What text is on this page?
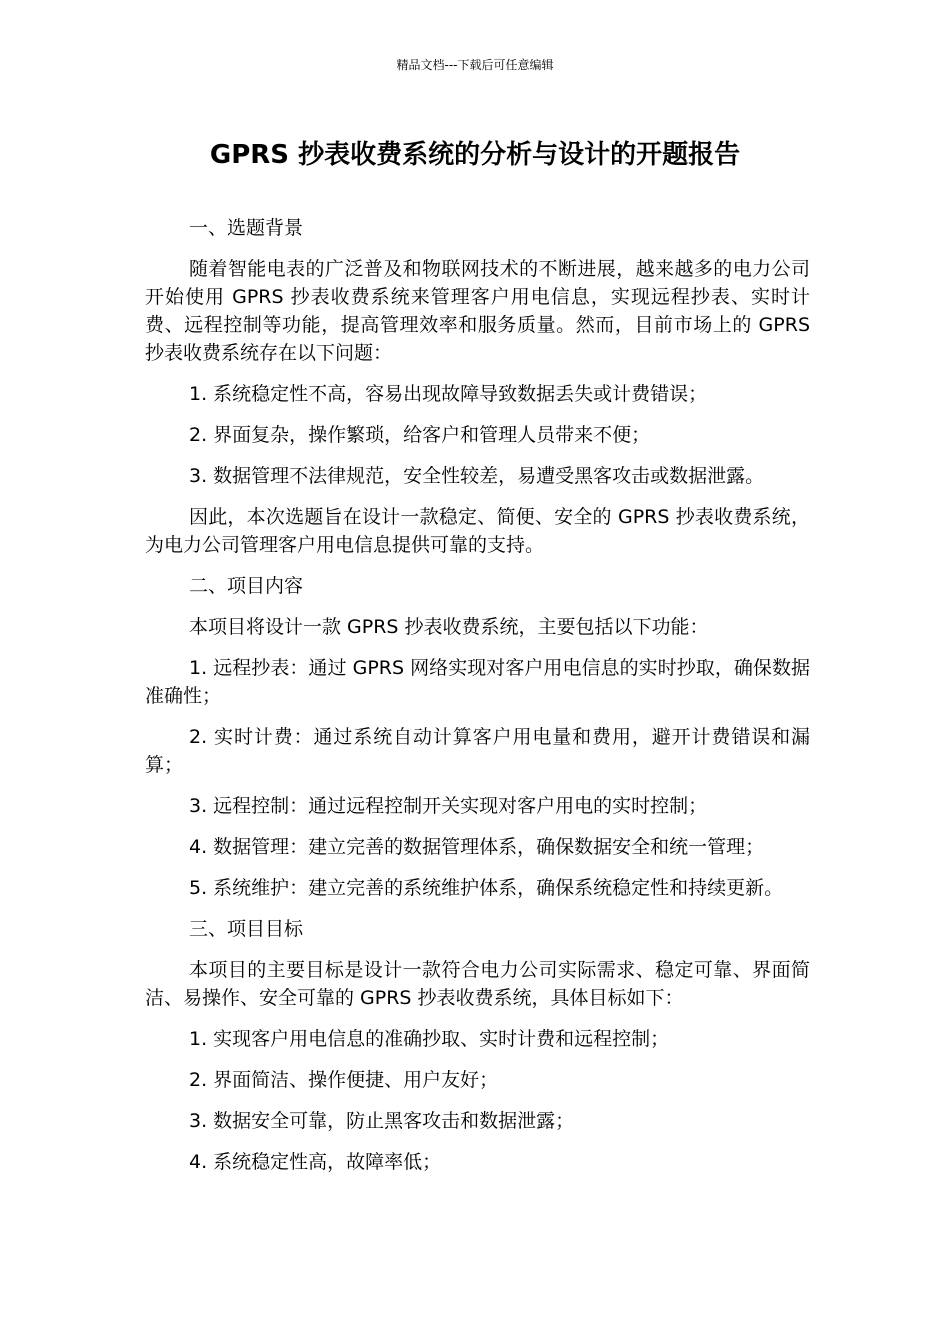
精品文档---下载后可任意编辑
GPRS 抄表收费系统的分析与设计的开题报告

一、选题背景

随着智能电表的广泛普及和物联网技术的不断进展，越来越多的电力公司开始使用 GPRS 抄表收费系统来管理客户用电信息，实现远程抄表、实时计费、远程控制等功能，提高管理效率和服务质量。然而，目前市场上的 GPRS 抄表收费系统存在以下问题：

1. 系统稳定性不高，容易出现故障导致数据丢失或计费错误；

2. 界面复杂，操作繁琐，给客户和管理人员带来不便；

3. 数据管理不法律规范，安全性较差，易遭受黑客攻击或数据泄露。

因此，本次选题旨在设计一款稳定、简便、安全的 GPRS 抄表收费系统，为电力公司管理客户用电信息提供可靠的支持。

二、项目内容

本项目将设计一款 GPRS 抄表收费系统，主要包括以下功能：

1. 远程抄表：通过 GPRS 网络实现对客户用电信息的实时抄取，确保数据准确性；

2. 实时计费：通过系统自动计算客户用电量和费用，避开计费错误和漏算；

3. 远程控制：通过远程控制开关实现对客户用电的实时控制；

4. 数据管理：建立完善的数据管理体系，确保数据安全和统一管理；

5. 系统维护：建立完善的系统维护体系，确保系统稳定性和持续更新。

三、项目目标

本项目的主要目标是设计一款符合电力公司实际需求、稳定可靠、界面简洁、易操作、安全可靠的 GPRS 抄表收费系统，具体目标如下：

1. 实现客户用电信息的准确抄取、实时计费和远程控制；

2. 界面简洁、操作便捷、用户友好；

3. 数据安全可靠，防止黑客攻击和数据泄露；

4. 系统稳定性高，故障率低；
